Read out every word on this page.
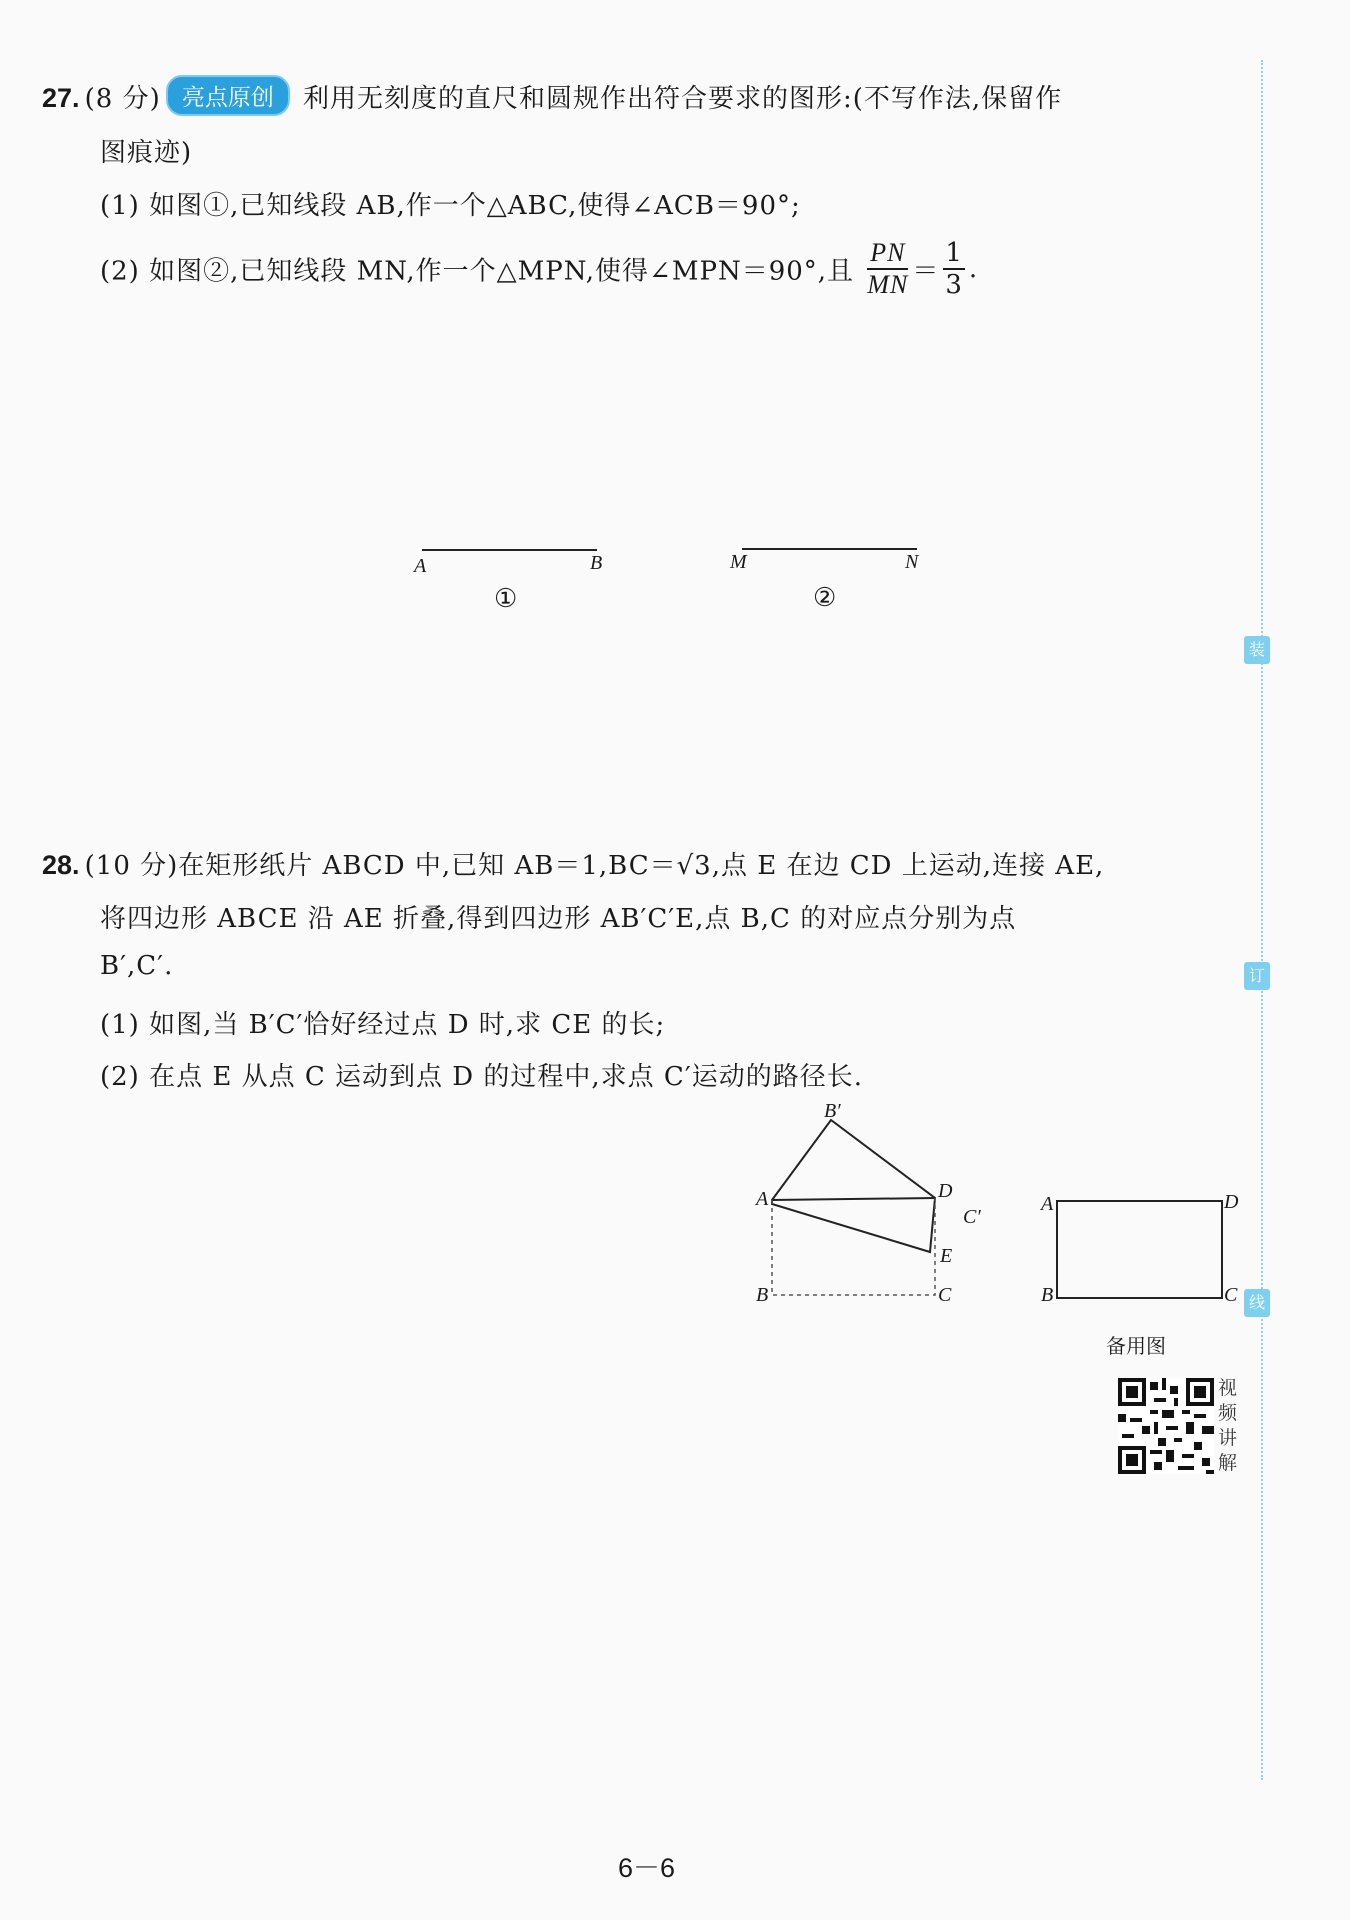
27. (8 分) 亮点原创 利用无刻度的直尺和圆规作出符合要求的图形:(不写作法,保留作
图痕迹)
(1) 如图①,已知线段 AB,作一个△ABC,使得∠ACB＝90°;
(2) 如图②,已知线段 MN,作一个△MPN,使得∠MPN＝90°,且 $\frac{PN}{MN} = \frac{1}{3}$ .
A	B
①
M	N
②
28. (10 分)在矩形纸片 ABCD 中,已知 AB＝1,BC＝√3,点 E 在边 CD 上运动,连接 AE,
将四边形 ABCE 沿 AE 折叠,得到四边形 AB′C′E,点 B,C 的对应点分别为点
B′,C′.
(1) 如图,当 B′C′恰好经过点 D 时,求 CE 的长;
(2) 在点 E 从点 C 运动到点 D 的过程中,求点 C′运动的路径长.
B′
A	D
C′
E
B	C
A	D
B	C
备用图
视
频
讲
解
装
订
线
6－6
